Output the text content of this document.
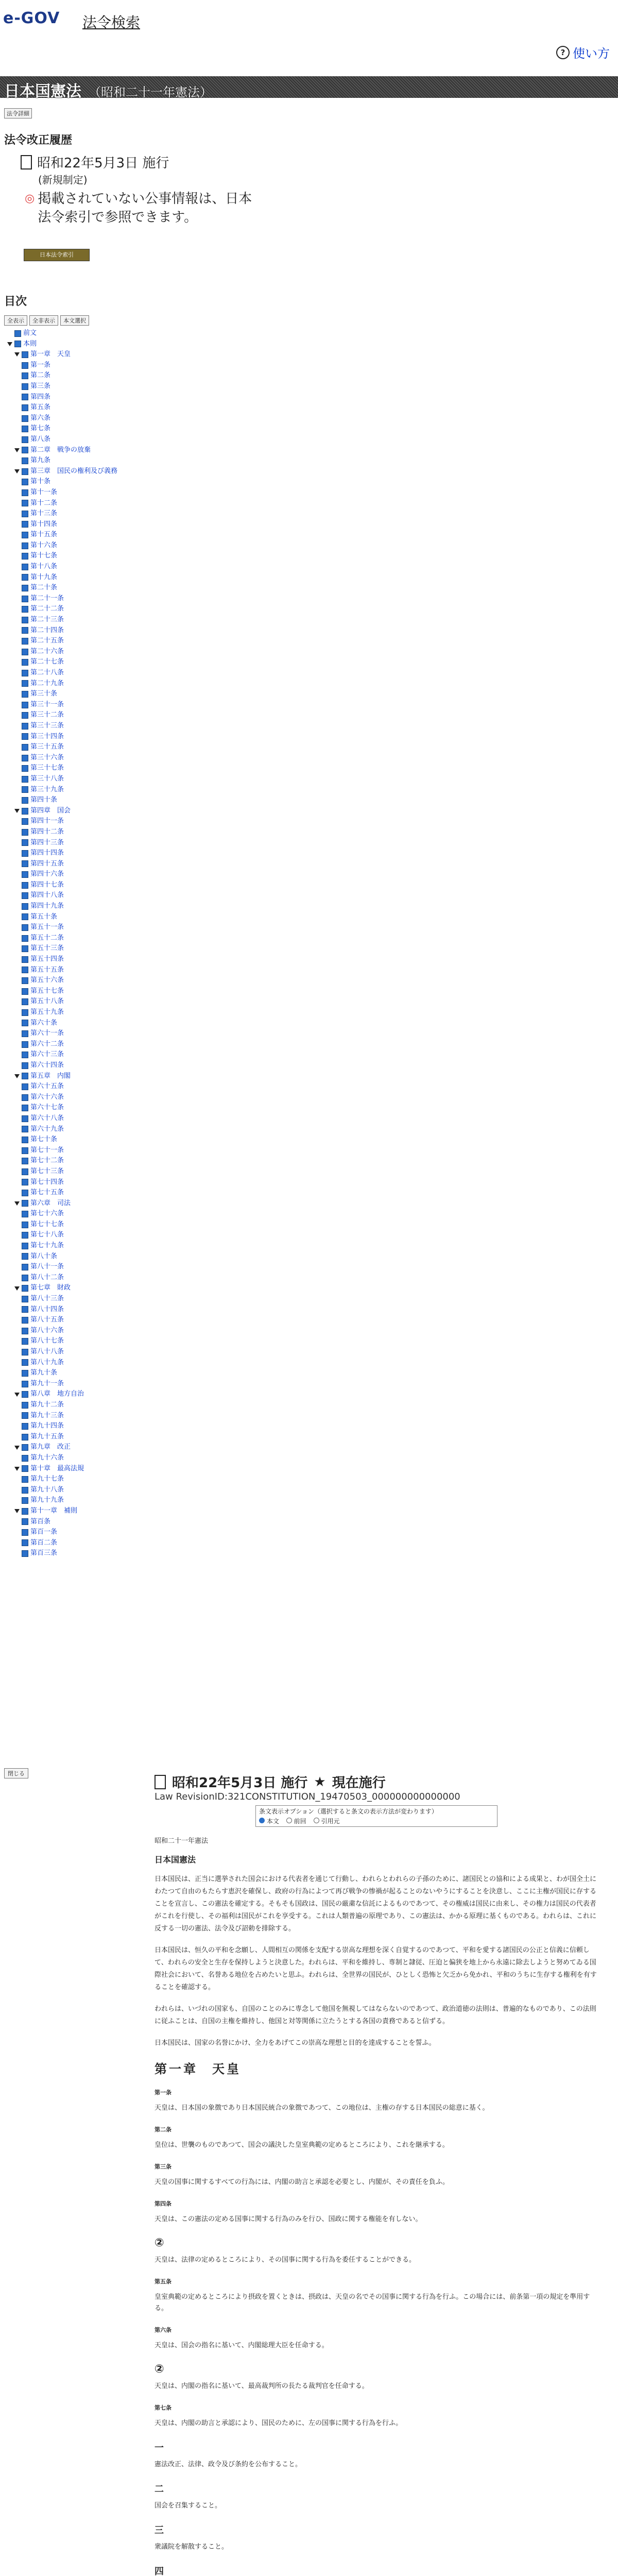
e-GOV 法令検索
? 使い方
日本国憲法 （昭和二十一年憲法）
法令詳細
法令改正履歴
昭和22年5月3日 施行
(新規制定)
◎ 掲載されていない公事情報は、日本法令索引で参照できます。
日本法令索引
目次
全表示	全非表示	本文選択
前文
本則
第一章　天皇
第一条
第二条
第三条
第四条
第五条
第六条
第七条
第八条
第二章　戦争の放棄
第九条
第三章　国民の権利及び義務
第十条
第十一条
第十二条
第十三条
第十四条
第十五条
第十六条
第十七条
第十八条
第十九条
第二十条
第二十一条
第二十二条
第二十三条
第二十四条
第二十五条
第二十六条
第二十七条
第二十八条
第二十九条
第三十条
第三十一条
第三十二条
第三十三条
第三十四条
第三十五条
第三十六条
第三十七条
第三十八条
第三十九条
第四十条
第四章　国会
第四十一条
第四十二条
第四十三条
第四十四条
第四十五条
第四十六条
第四十七条
第四十八条
第四十九条
第五十条
第五十一条
第五十二条
第五十三条
第五十四条
第五十五条
第五十六条
第五十七条
第五十八条
第五十九条
第六十条
第六十一条
第六十二条
第六十三条
第六十四条
第五章　内閣
第六十五条
第六十六条
第六十七条
第六十八条
第六十九条
第七十条
第七十一条
第七十二条
第七十三条
第七十四条
第七十五条
第六章　司法
第七十六条
第七十七条
第七十八条
第七十九条
第八十条
第八十一条
第八十二条
第七章　財政
第八十三条
第八十四条
第八十五条
第八十六条
第八十七条
第八十八条
第八十九条
第九十条
第九十一条
第八章　地方自治
第九十二条
第九十三条
第九十四条
第九十五条
第九章　改正
第九十六条
第十章　最高法規
第九十七条
第九十八条
第九十九条
第十一章　補則
第百条
第百一条
第百二条
第百三条
閉じる
昭和22年5月3日 施行 ★ 現在施行
Law RevisionID:321CONSTITUTION_19470503_000000000000000
条文表示オプション（選択すると条文の表示方法が変わります）
本文	前回	引用元
昭和二十一年憲法
日本国憲法

日本国民は、正当に選挙された国会における代表者を通じて行動し、われらとわれらの子孫のために、諸国民との協和による成果と、わが国全土にわたつて自由のもたらす恵沢を確保し、政府の行為によつて再び戦争の惨禍が起ることのないやうにすることを決意し、ここに主権が国民に存することを宣言し、この憲法を確定する。そもそも国政は、国民の厳粛な信託によるものであつて、その権威は国民に由来し、その権力は国民の代表者がこれを行使し、その福利は国民がこれを享受する。これは人類普遍の原理であり、この憲法は、かかる原理に基くものである。われらは、これに反する一切の憲法、法令及び詔勅を排除する。

日本国民は、恒久の平和を念願し、人間相互の関係を支配する崇高な理想を深く自覚するのであつて、平和を愛する諸国民の公正と信義に信頼して、われらの安全と生存を保持しようと決意した。われらは、平和を維持し、専制と隷従、圧迫と偏狭を地上から永遠に除去しようと努めてゐる国際社会において、名誉ある地位を占めたいと思ふ。われらは、全世界の国民が、ひとしく恐怖と欠乏から免かれ、平和のうちに生存する権利を有することを確認する。

われらは、いづれの国家も、自国のことのみに専念して他国を無視してはならないのであつて、政治道徳の法則は、普遍的なものであり、この法則に従ふことは、自国の主権を維持し、他国と対等関係に立たうとする各国の責務であると信ずる。

日本国民は、国家の名誉にかけ、全力をあげてこの崇高な理想と目的を達成することを誓ふ。

第一章　天皇
第一条
天皇は、日本国の象徴であり日本国民統合の象徴であつて、この地位は、主権の存する日本国民の総意に基く。
第二条
皇位は、世襲のものであつて、国会の議決した皇室典範の定めるところにより、これを継承する。
第三条
天皇の国事に関するすべての行為には、内閣の助言と承認を必要とし、内閣が、その責任を負ふ。
第四条
天皇は、この憲法の定める国事に関する行為のみを行ひ、国政に関する権能を有しない。
②
天皇は、法律の定めるところにより、その国事に関する行為を委任することができる。
第五条
皇室典範の定めるところにより摂政を置くときは、摂政は、天皇の名でその国事に関する行為を行ふ。この場合には、前条第一項の規定を準用する。
第六条
天皇は、国会の指名に基いて、内閣総理大臣を任命する。
②
天皇は、内閣の指名に基いて、最高裁判所の長たる裁判官を任命する。
第七条
天皇は、内閣の助言と承認により、国民のために、左の国事に関する行為を行ふ。
一
憲法改正、法律、政令及び条約を公布すること。
二
国会を召集すること。
三
衆議院を解散すること。
四
